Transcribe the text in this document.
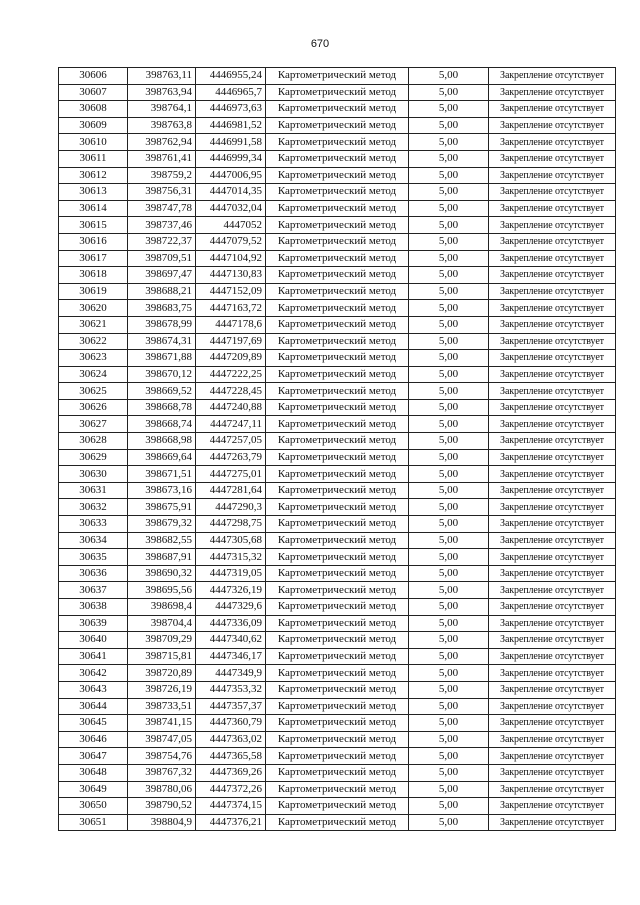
670
30606	398763,11	4446955,24	Картометрический метод	5,00	Закрепление отсутствует
30607	398763,94	4446965,7	Картометрический метод	5,00	Закрепление отсутствует
30608	398764,1	4446973,63	Картометрический метод	5,00	Закрепление отсутствует
30609	398763,8	4446981,52	Картометрический метод	5,00	Закрепление отсутствует
30610	398762,94	4446991,58	Картометрический метод	5,00	Закрепление отсутствует
30611	398761,41	4446999,34	Картометрический метод	5,00	Закрепление отсутствует
30612	398759,2	4447006,95	Картометрический метод	5,00	Закрепление отсутствует
30613	398756,31	4447014,35	Картометрический метод	5,00	Закрепление отсутствует
30614	398747,78	4447032,04	Картометрический метод	5,00	Закрепление отсутствует
30615	398737,46	4447052	Картометрический метод	5,00	Закрепление отсутствует
30616	398722,37	4447079,52	Картометрический метод	5,00	Закрепление отсутствует
30617	398709,51	4447104,92	Картометрический метод	5,00	Закрепление отсутствует
30618	398697,47	4447130,83	Картометрический метод	5,00	Закрепление отсутствует
30619	398688,21	4447152,09	Картометрический метод	5,00	Закрепление отсутствует
30620	398683,75	4447163,72	Картометрический метод	5,00	Закрепление отсутствует
30621	398678,99	4447178,6	Картометрический метод	5,00	Закрепление отсутствует
30622	398674,31	4447197,69	Картометрический метод	5,00	Закрепление отсутствует
30623	398671,88	4447209,89	Картометрический метод	5,00	Закрепление отсутствует
30624	398670,12	4447222,25	Картометрический метод	5,00	Закрепление отсутствует
30625	398669,52	4447228,45	Картометрический метод	5,00	Закрепление отсутствует
30626	398668,78	4447240,88	Картометрический метод	5,00	Закрепление отсутствует
30627	398668,74	4447247,11	Картометрический метод	5,00	Закрепление отсутствует
30628	398668,98	4447257,05	Картометрический метод	5,00	Закрепление отсутствует
30629	398669,64	4447263,79	Картометрический метод	5,00	Закрепление отсутствует
30630	398671,51	4447275,01	Картометрический метод	5,00	Закрепление отсутствует
30631	398673,16	4447281,64	Картометрический метод	5,00	Закрепление отсутствует
30632	398675,91	4447290,3	Картометрический метод	5,00	Закрепление отсутствует
30633	398679,32	4447298,75	Картометрический метод	5,00	Закрепление отсутствует
30634	398682,55	4447305,68	Картометрический метод	5,00	Закрепление отсутствует
30635	398687,91	4447315,32	Картометрический метод	5,00	Закрепление отсутствует
30636	398690,32	4447319,05	Картометрический метод	5,00	Закрепление отсутствует
30637	398695,56	4447326,19	Картометрический метод	5,00	Закрепление отсутствует
30638	398698,4	4447329,6	Картометрический метод	5,00	Закрепление отсутствует
30639	398704,4	4447336,09	Картометрический метод	5,00	Закрепление отсутствует
30640	398709,29	4447340,62	Картометрический метод	5,00	Закрепление отсутствует
30641	398715,81	4447346,17	Картометрический метод	5,00	Закрепление отсутствует
30642	398720,89	4447349,9	Картометрический метод	5,00	Закрепление отсутствует
30643	398726,19	4447353,32	Картометрический метод	5,00	Закрепление отсутствует
30644	398733,51	4447357,37	Картометрический метод	5,00	Закрепление отсутствует
30645	398741,15	4447360,79	Картометрический метод	5,00	Закрепление отсутствует
30646	398747,05	4447363,02	Картометрический метод	5,00	Закрепление отсутствует
30647	398754,76	4447365,58	Картометрический метод	5,00	Закрепление отсутствует
30648	398767,32	4447369,26	Картометрический метод	5,00	Закрепление отсутствует
30649	398780,06	4447372,26	Картометрический метод	5,00	Закрепление отсутствует
30650	398790,52	4447374,15	Картометрический метод	5,00	Закрепление отсутствует
30651	398804,9	4447376,21	Картометрический метод	5,00	Закрепление отсутствует
